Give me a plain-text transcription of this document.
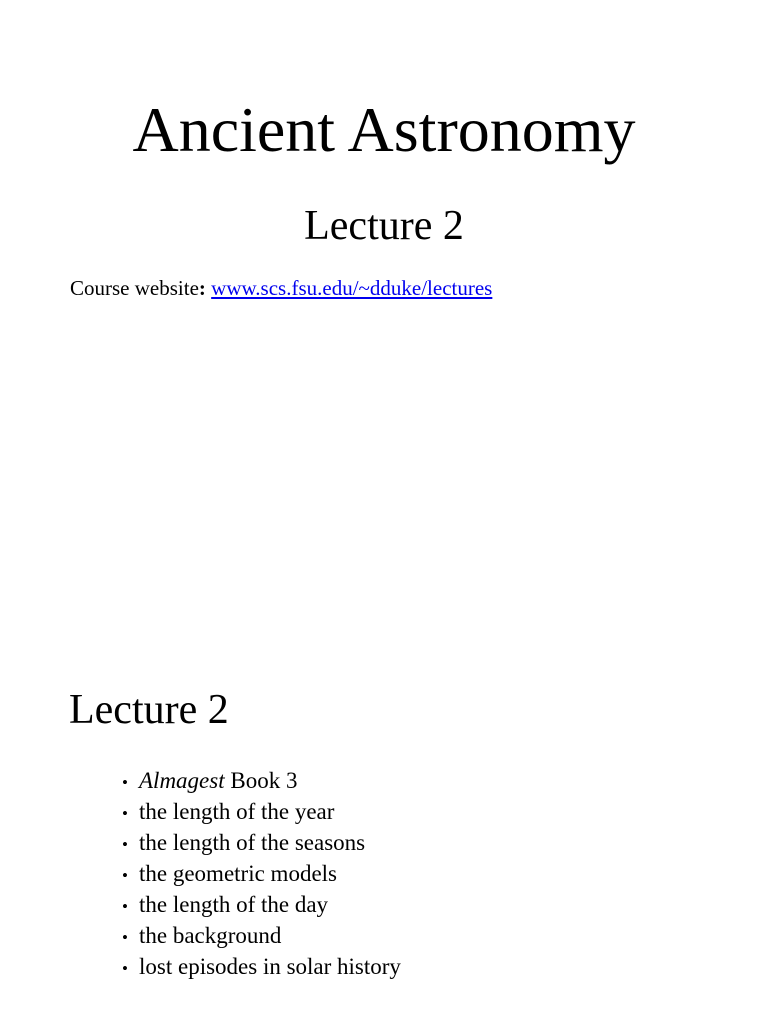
Ancient Astronomy
Lecture 2
Course website: www.scs.fsu.edu/~dduke/lectures
Lecture 2
• Almagest Book 3
• the length of the year
• the length of the seasons
• the geometric models
• the length of the day
• the background
• lost episodes in solar history
